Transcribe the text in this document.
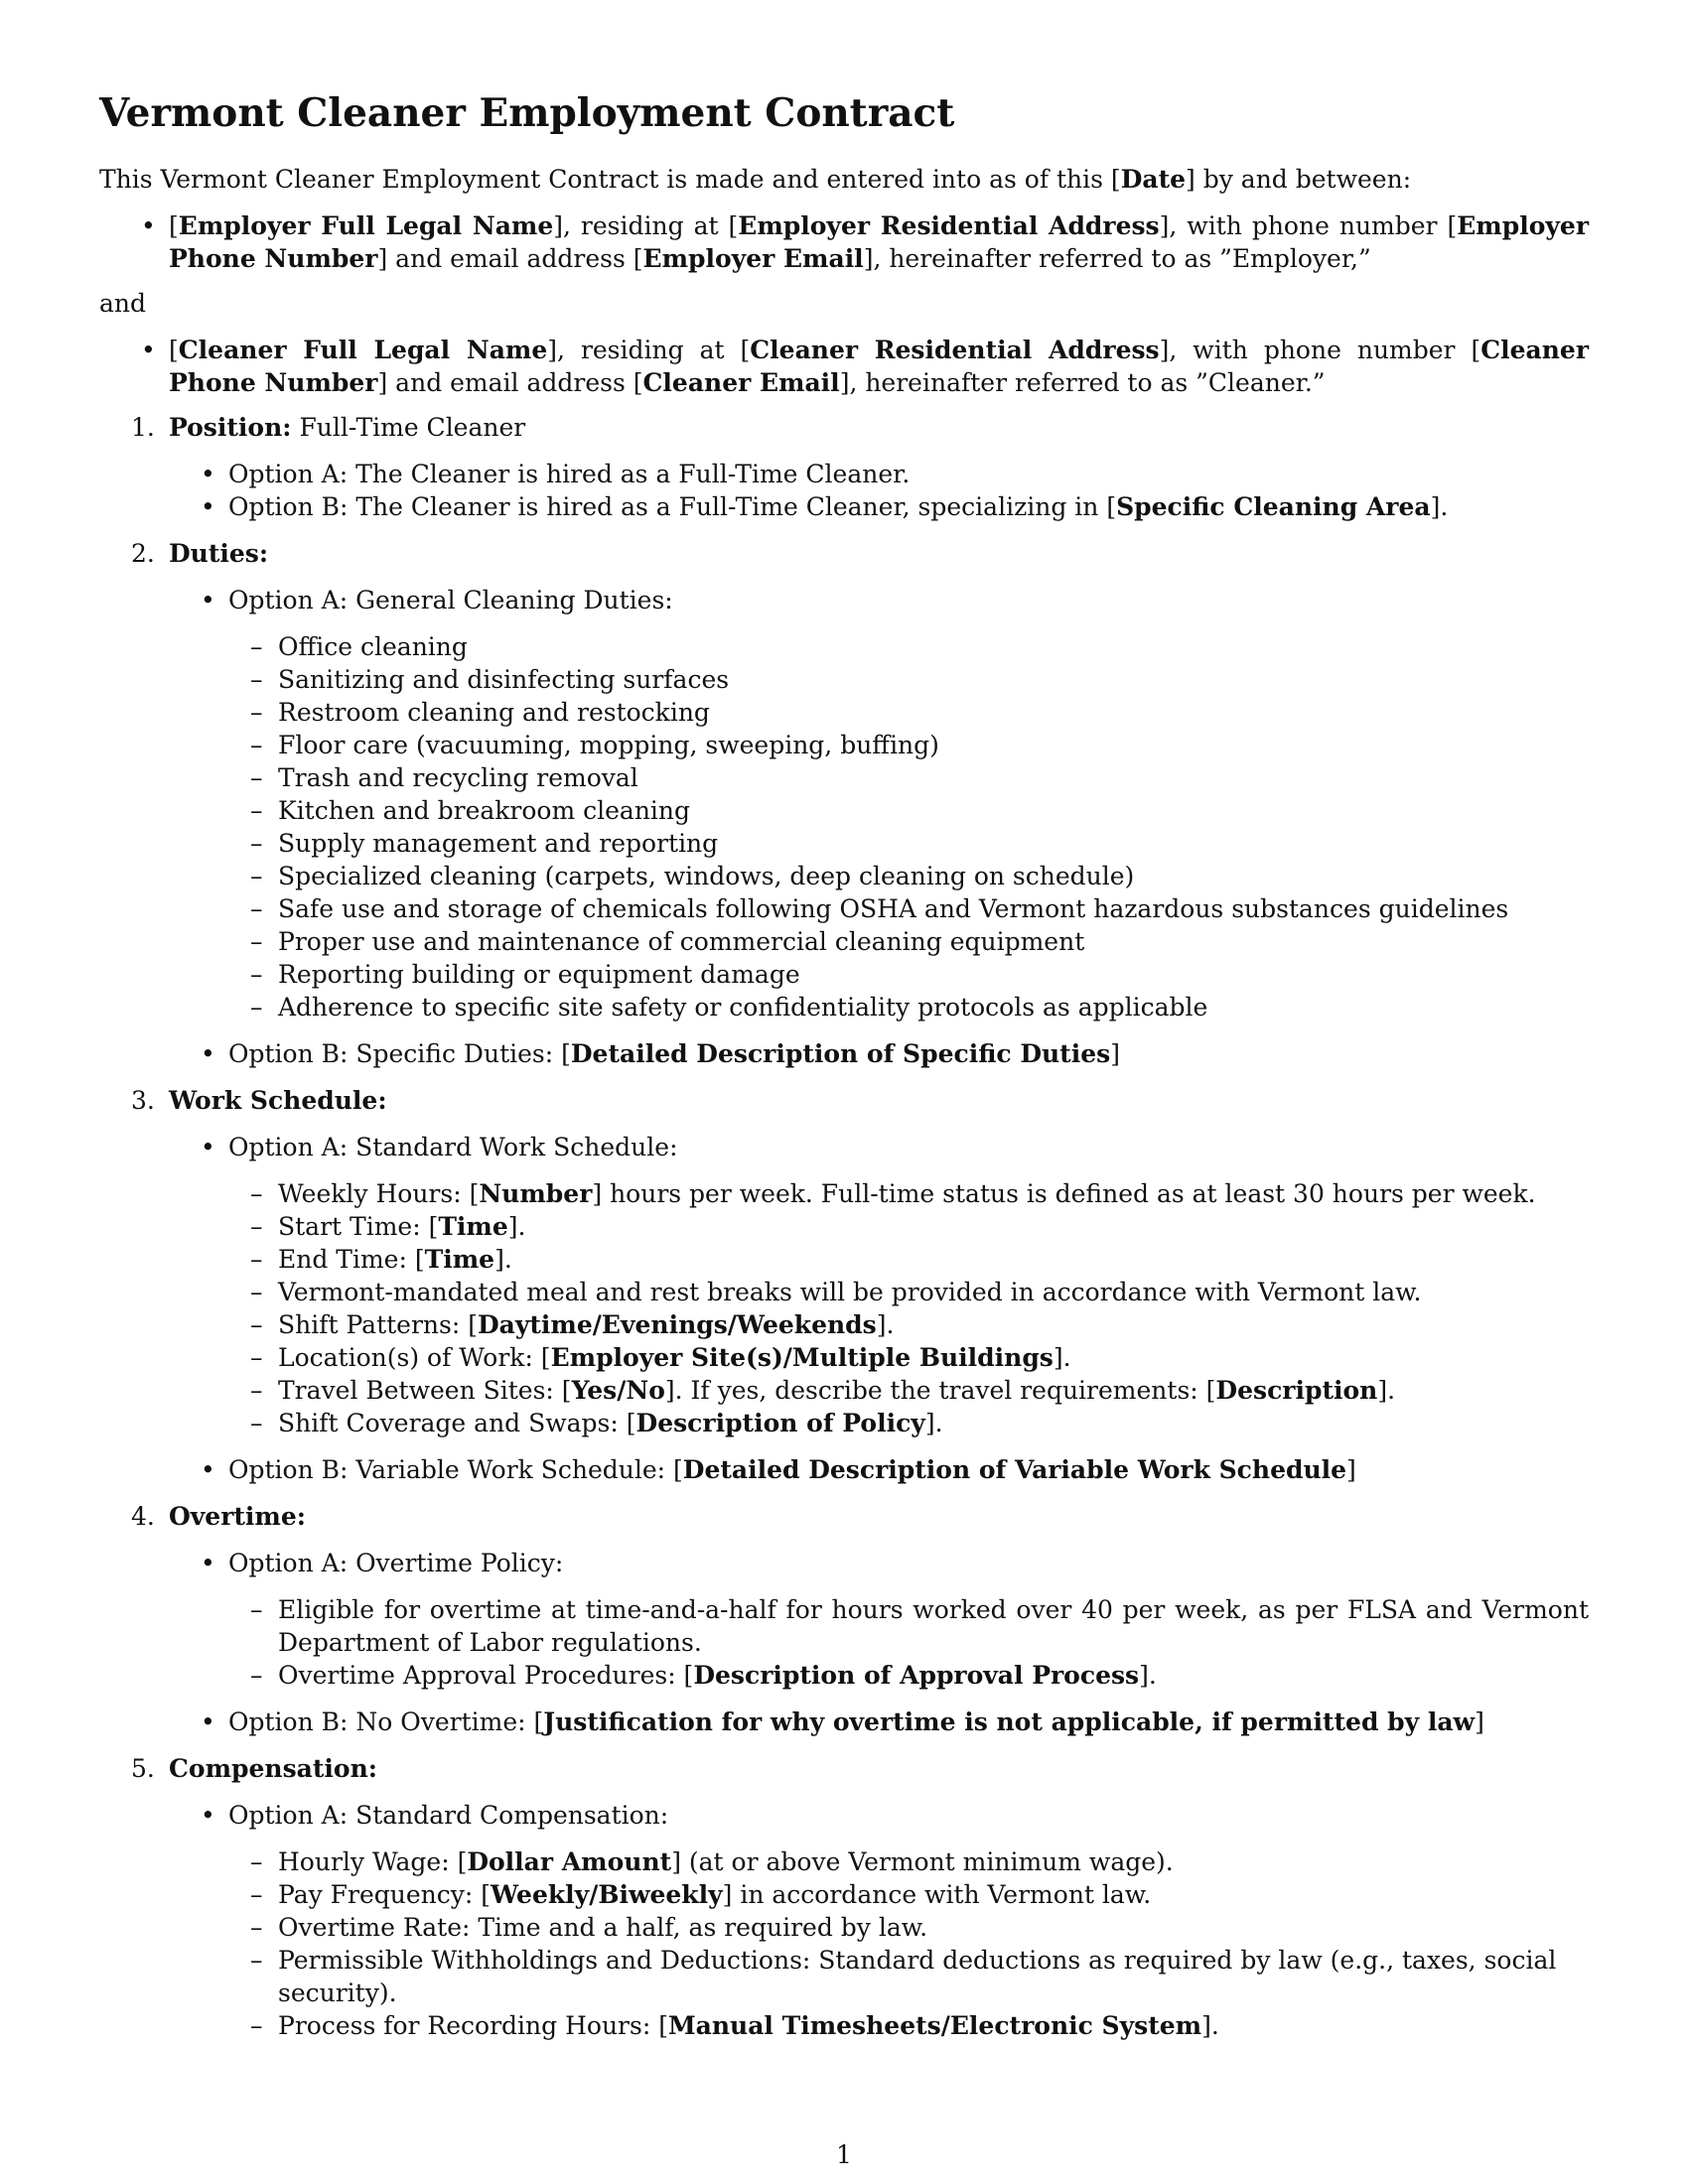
Vermont Cleaner Employment Contract

This Vermont Cleaner Employment Contract is made and entered into as of this [Date] by and between:

• [Employer Full Legal Name], residing at [Employer Residential Address], with phone number [Employer Phone Number] and email address [Employer Email], hereinafter referred to as ”Employer,”

and

• [Cleaner Full Legal Name], residing at [Cleaner Residential Address], with phone number [Cleaner Phone Number] and email address [Cleaner Email], hereinafter referred to as ”Cleaner.”
1. Position: Full-Time Cleaner
• Option A: The Cleaner is hired as a Full-Time Cleaner.
• Option B: The Cleaner is hired as a Full-Time Cleaner, specializing in [Specific Cleaning Area].
2. Duties:
• Option A: General Cleaning Duties:
– Office cleaning
– Sanitizing and disinfecting surfaces
– Restroom cleaning and restocking
– Floor care (vacuuming, mopping, sweeping, buffing)
– Trash and recycling removal
– Kitchen and breakroom cleaning
– Supply management and reporting
– Specialized cleaning (carpets, windows, deep cleaning on schedule)
– Safe use and storage of chemicals following OSHA and Vermont hazardous substances guidelines
– Proper use and maintenance of commercial cleaning equipment
– Reporting building or equipment damage
– Adherence to specific site safety or confidentiality protocols as applicable
• Option B: Specific Duties: [Detailed Description of Specific Duties]
3. Work Schedule:
• Option A: Standard Work Schedule:
– Weekly Hours: [Number] hours per week. Full-time status is defined as at least 30 hours per week.
– Start Time: [Time].
– End Time: [Time].
– Vermont-mandated meal and rest breaks will be provided in accordance with Vermont law.
– Shift Patterns: [Daytime/Evenings/Weekends].
– Location(s) of Work: [Employer Site(s)/Multiple Buildings].
– Travel Between Sites: [Yes/No]. If yes, describe the travel requirements: [Description].
– Shift Coverage and Swaps: [Description of Policy].
• Option B: Variable Work Schedule: [Detailed Description of Variable Work Schedule]
4. Overtime:
• Option A: Overtime Policy:
– Eligible for overtime at time-and-a-half for hours worked over 40 per week, as per FLSA and Vermont Department of Labor regulations.
– Overtime Approval Procedures: [Description of Approval Process].
• Option B: No Overtime: [Justification for why overtime is not applicable, if permitted by law]
5. Compensation:
• Option A: Standard Compensation:
– Hourly Wage: [Dollar Amount] (at or above Vermont minimum wage).
– Pay Frequency: [Weekly/Biweekly] in accordance with Vermont law.
– Overtime Rate: Time and a half, as required by law.
– Permissible Withholdings and Deductions: Standard deductions as required by law (e.g., taxes, social security).
– Process for Recording Hours: [Manual Timesheets/Electronic System].
1
